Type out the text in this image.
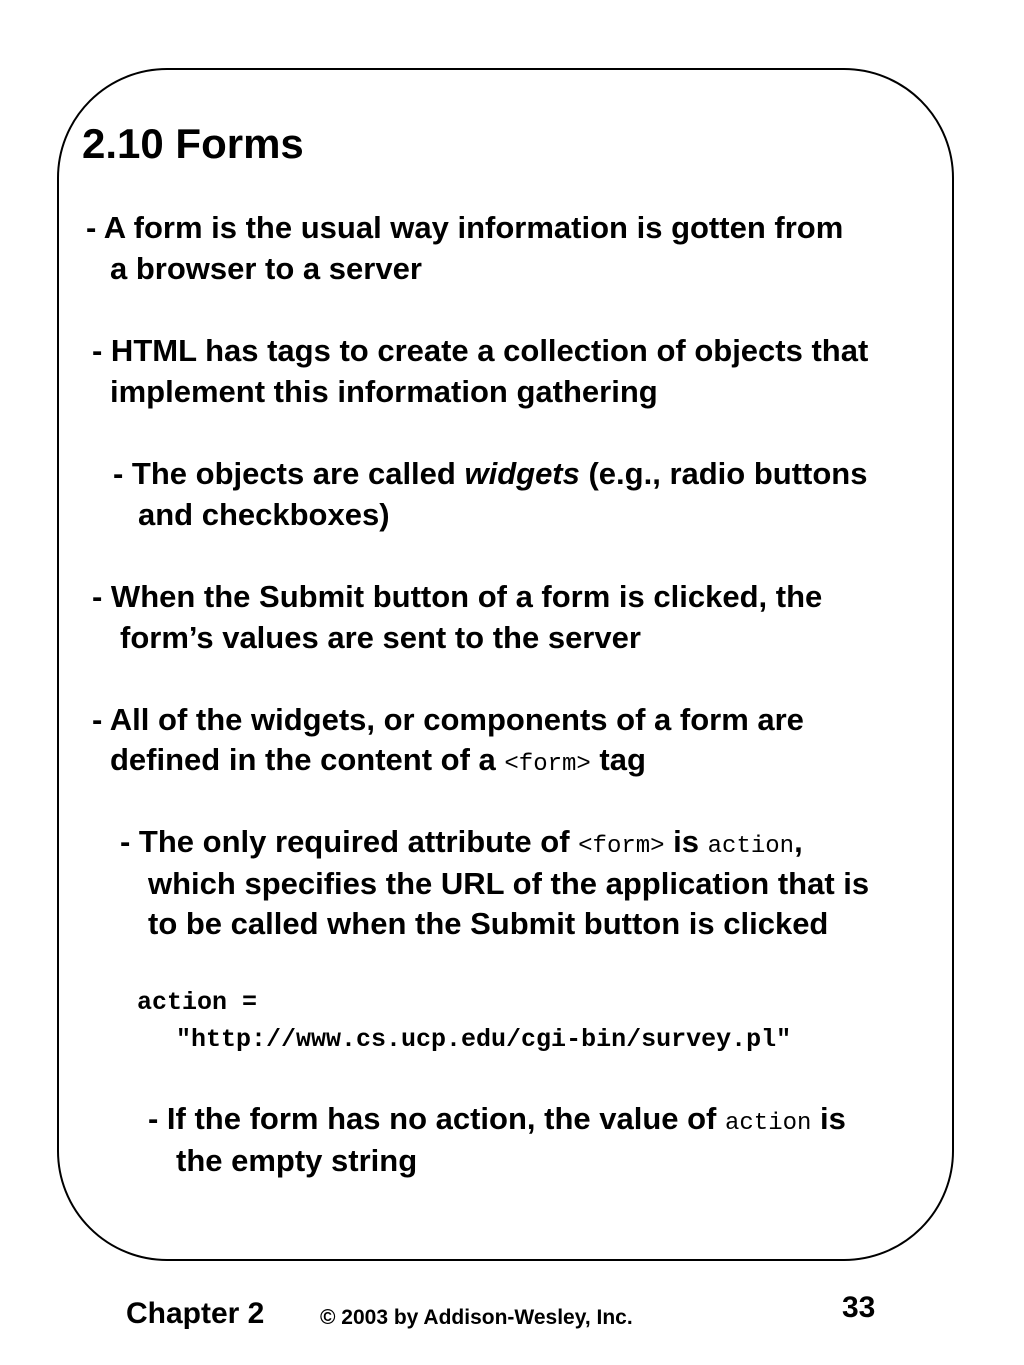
2.10 Forms
- A form is the usual way information is gotten from
a browser to a server
- HTML has tags to create a collection of objects that
implement this information gathering
- The objects are called widgets (e.g., radio buttons
and checkboxes)
- When the Submit button of a form is clicked, the
form’s values are sent to the server
- All of the widgets, or components of a form are
defined in the content of a <form> tag
- The only required attribute of <form> is action,
which specifies the URL of the application that is
to be called when the Submit button is clicked
action =
"http://www.cs.ucp.edu/cgi-bin/survey.pl"
- If the form has no action, the value of action is
the empty string
Chapter 2	© 2003 by Addison-Wesley, Inc.	33
